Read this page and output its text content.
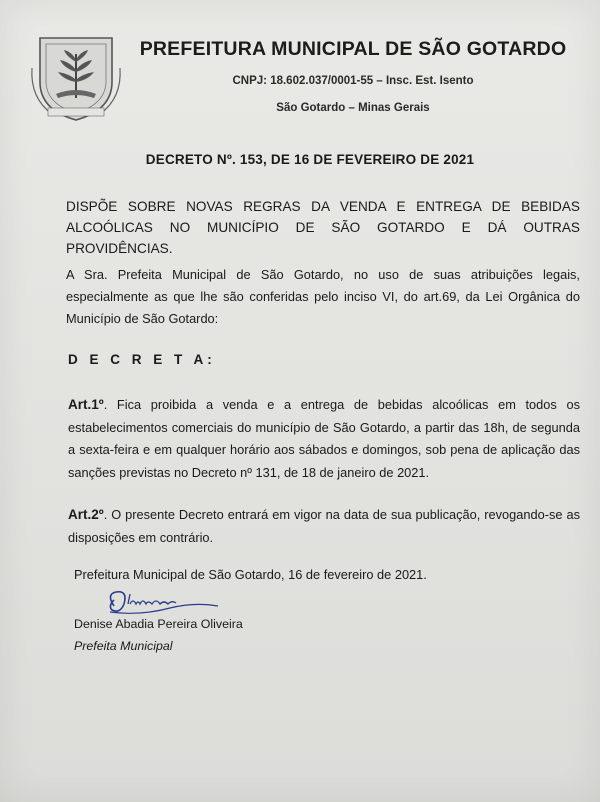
PREFEITURA MUNICIPAL DE SÃO GOTARDO
CNPJ: 18.602.037/0001-55 – Insc. Est. Isento
São Gotardo – Minas Gerais
DECRETO Nº. 153, DE 16 DE FEVEREIRO DE 2021
DISPÕE SOBRE NOVAS REGRAS DA VENDA E ENTREGA DE BEBIDAS ALCOÓLICAS NO MUNICÍPIO DE SÃO GOTARDO E DÁ OUTRAS PROVIDÊNCIAS.
A Sra. Prefeita Municipal de São Gotardo, no uso de suas atribuições legais, especialmente as que lhe são conferidas pelo inciso VI, do art.69, da Lei Orgânica do Município de São Gotardo:
D E C R E T A:
Art.1º. Fica proibida a venda e a entrega de bebidas alcoólicas em todos os estabelecimentos comerciais do município de São Gotardo, a partir das 18h, de segunda a sexta-feira e em qualquer horário aos sábados e domingos, sob pena de aplicação das sanções previstas no Decreto nº 131, de 18 de janeiro de 2021.
Art.2º. O presente Decreto entrará em vigor na data de sua publicação, revogando-se as disposições em contrário.
Prefeitura Municipal de São Gotardo, 16 de fevereiro de 2021.
Denise Abadia Pereira Oliveira
Prefeita Municipal
